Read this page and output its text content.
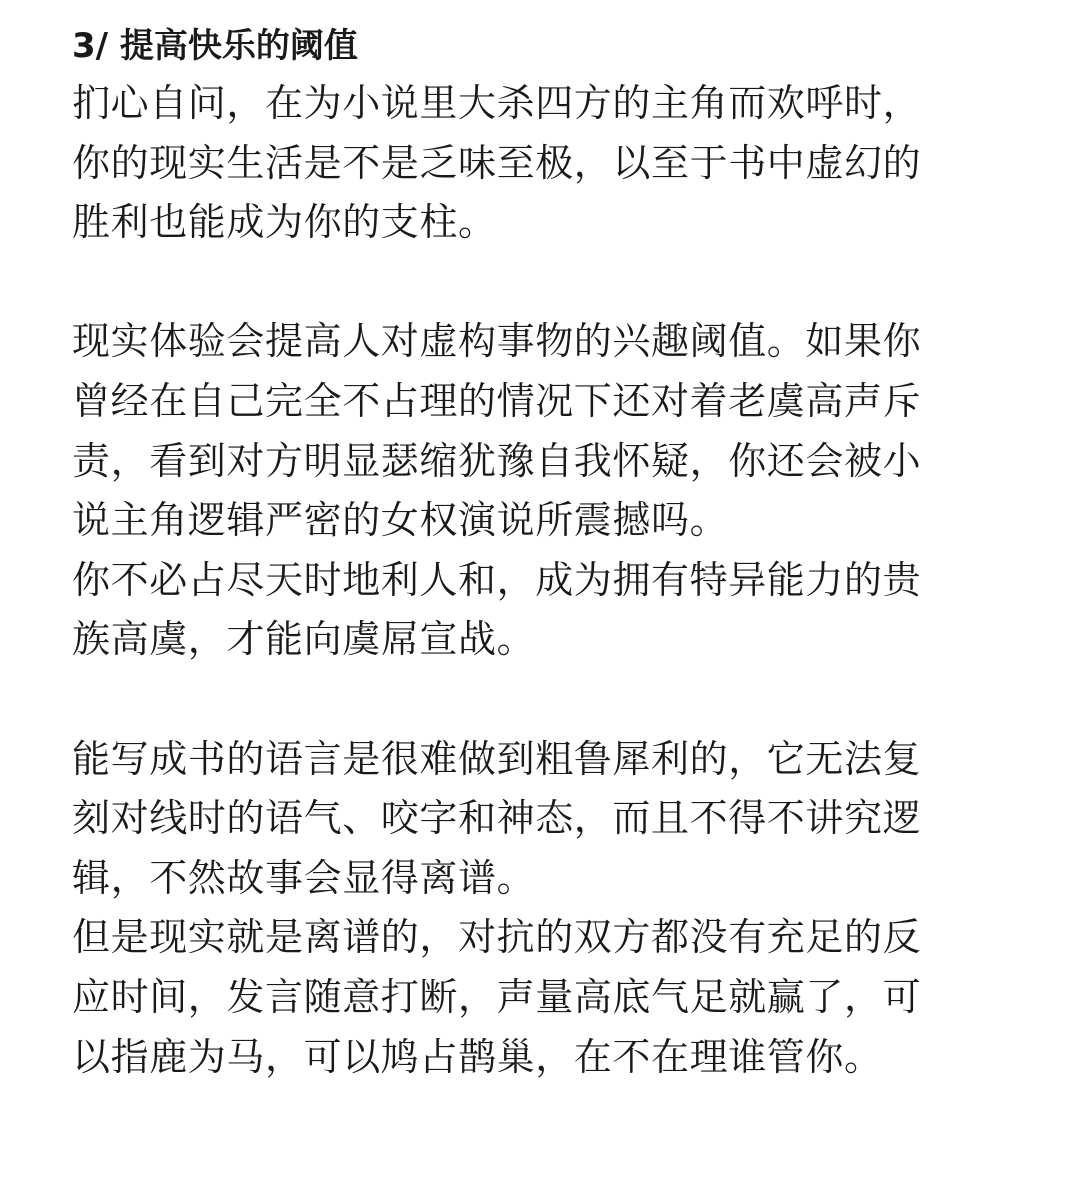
3/ 提高快乐的阈值
扪心自问，在为小说里大杀四方的主角而欢呼时，
你的现实生活是不是乏味至极，以至于书中虚幻的
胜利也能成为你的支柱。
现实体验会提高人对虚构事物的兴趣阈值。如果你
曾经在自己完全不占理的情况下还对着老虞高声斥
责，看到对方明显瑟缩犹豫自我怀疑，你还会被小
说主角逻辑严密的女权演说所震撼吗。
你不必占尽天时地利人和，成为拥有特异能力的贵
族高虞，才能向虞屌宣战。
能写成书的语言是很难做到粗鲁犀利的，它无法复
刻对线时的语气、咬字和神态，而且不得不讲究逻
辑，不然故事会显得离谱。
但是现实就是离谱的，对抗的双方都没有充足的反
应时间，发言随意打断，声量高底气足就赢了，可
以指鹿为马，可以鸠占鹊巢，在不在理谁管你。
